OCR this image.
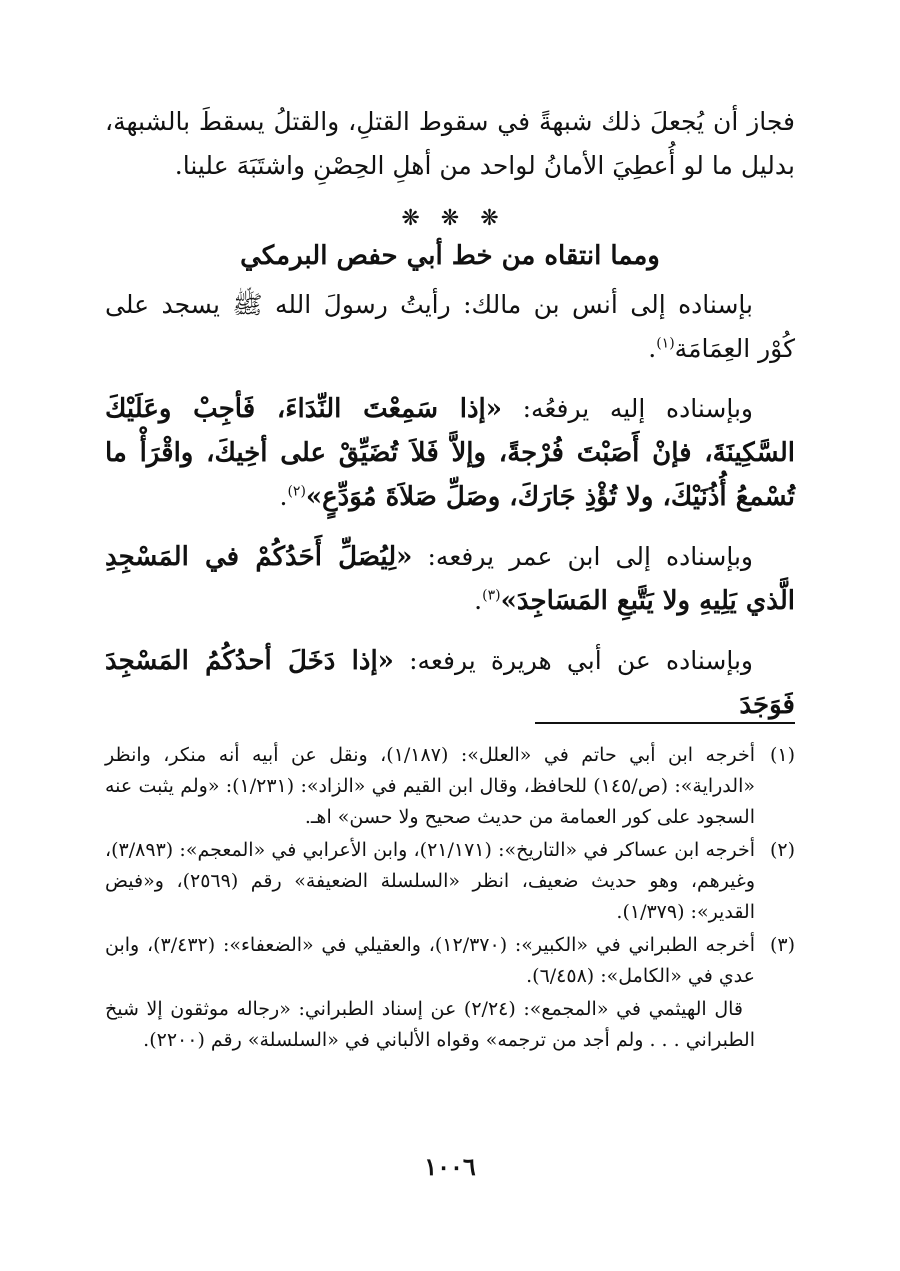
فجاز أن يُجعلَ ذلك شبهةً في سقوط القتلِ، والقتلُ يسقطَ بالشبهة، بدليل ما لو أُعطِيَ الأمانُ لواحد من أهلِ الحِصْنِ واشتَبَهَ علينا.

❋ ❋ ❋
ومما انتقاه من خط أبي حفص البرمكي

بإسناده إلى أنس بن مالك: رأيتُ رسولَ الله ﷺ يسجد على كُوْر العِمَامَة$^{(١)}$.

وبإسناده إليه يرفعُه: «إذا سَمِعْتَ النِّدَاءَ، فَأجِبْ وعَلَيْكَ السَّكِينَةَ، فإنْ أَصَبْتَ فُرْجةً، وإلاَّ فَلاَ تُضَيِّقْ على أخِيكَ، واقْرَأْ ما تُسْمعُ أُذُنَيْكَ، ولا تُؤْذِ جَارَكَ، وصَلِّ صَلاَةَ مُوَدِّعٍ»$^{(٢)}$.

وبإسناده إلى ابن عمر يرفعه: «لِيُصَلِّ أَحَدُكُمْ في المَسْجِدِ الَّذي يَلِيهِ ولا يَتَّبعِ المَسَاجِدَ»$^{(٣)}$.

وبإسناده عن أبي هريرة يرفعه: «إذا دَخَلَ أحدُكُمُ المَسْجِدَ فَوَجَدَ

(١)
أخرجه ابن أبي حاتم في «العلل»: (١/١٨٧)، ونقل عن أبيه أنه منكر، وانظر «الدراية»: (ص/١٤٥) للحافظ، وقال ابن القيم في «الزاد»: (١/٢٣١): «ولم يثبت عنه السجود على كور العمامة من حديث صحيح ولا حسن» اهـ.
(٢)
أخرجه ابن عساكر في «التاريخ»: (٢١/١٧١)، وابن الأعرابي في «المعجم»: (٣/٨٩٣)، وغيرهم، وهو حديث ضعيف، انظر «السلسلة الضعيفة» رقم (٢٥٦٩)، و«فيض القدير»: (١/٣٧٩).
(٣)
أخرجه الطبراني في «الكبير»: (١٢/٣٧٠)، والعقيلي في «الضعفاء»: (٣/٤٣٢)، وابن عدي في «الكامل»: (٦/٤٥٨).

قال الهيثمي في «المجمع»: (٢/٢٤) عن إسناد الطبراني: «رجاله موثقون إلا شيخ الطبراني . . . ولم أجد من ترجمه» وقواه الألباني في «السلسلة» رقم (٢٢٠٠).

١٠٠٦
